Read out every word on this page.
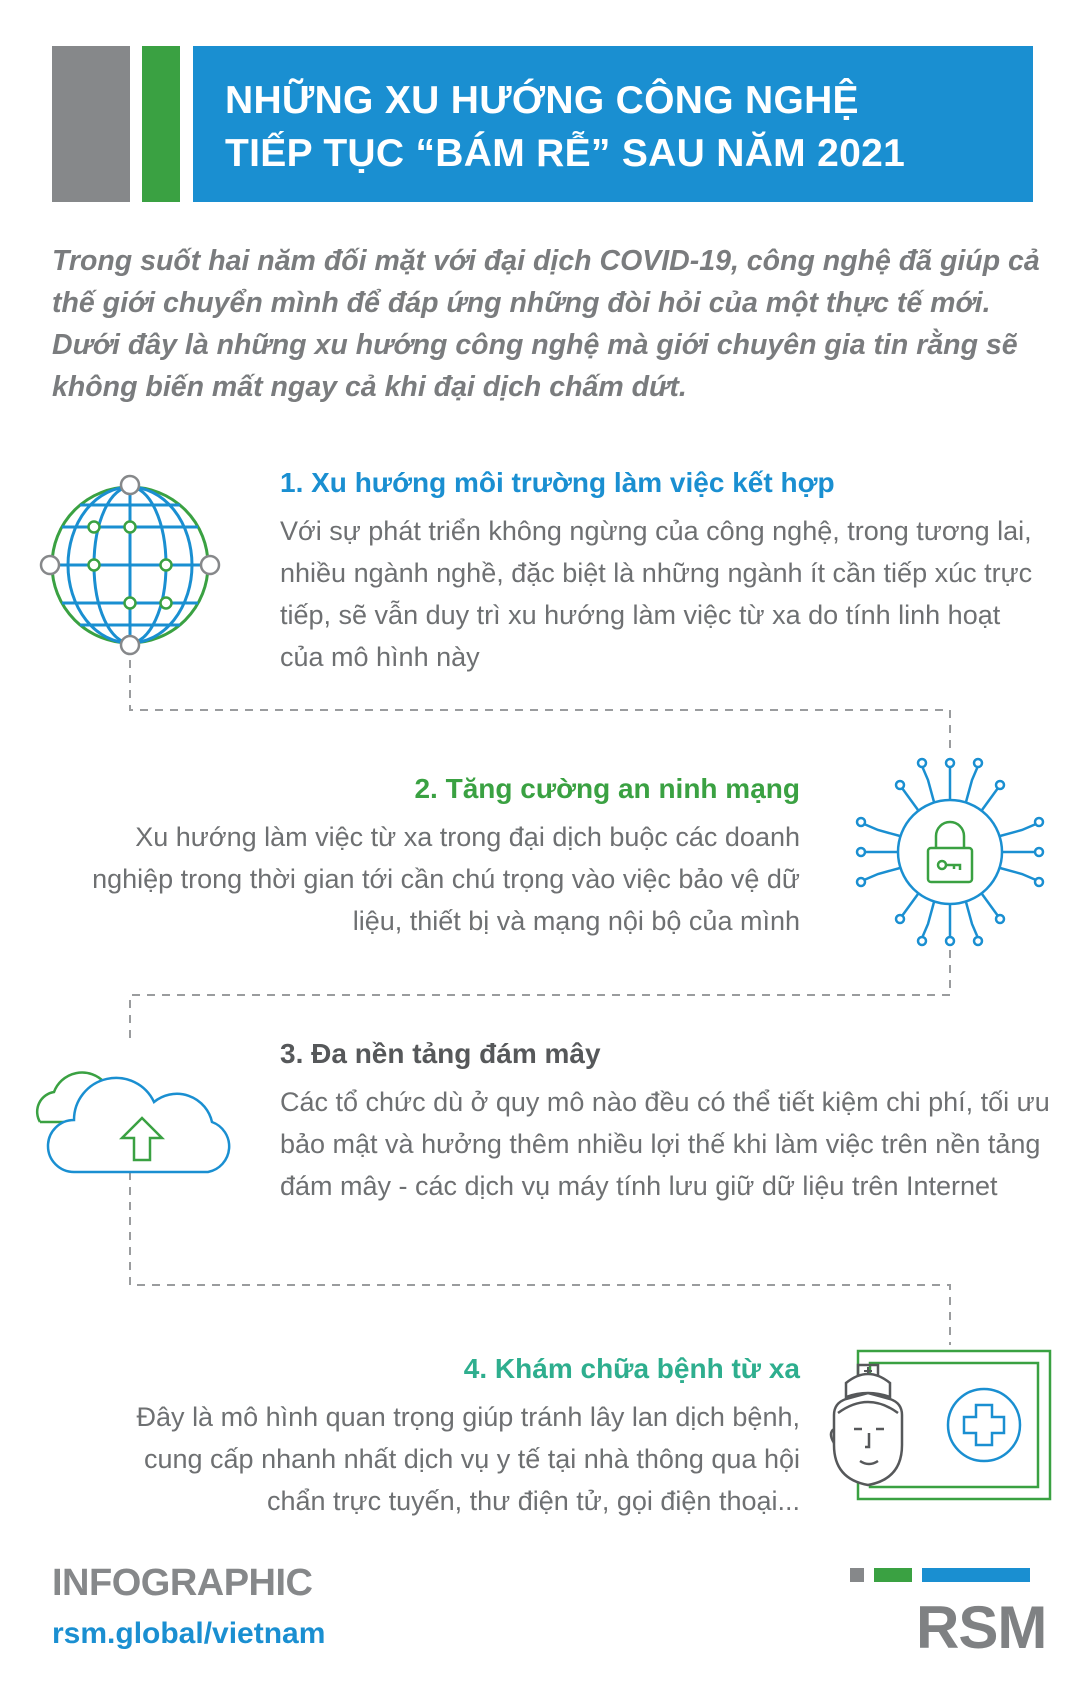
NHỮNG XU HƯỚNG CÔNG NGHỆ
TIẾP TỤC “BÁM RỄ” SAU NĂM 2021

Trong suốt hai năm đối mặt với đại dịch COVID-19, công nghệ đã giúp cả thế giới chuyển mình để đáp ứng những đòi hỏi của một thực tế mới. Dưới đây là những xu hướng công nghệ mà giới chuyên gia tin rằng sẽ không biến mất ngay cả khi đại dịch chấm dứt.

1. Xu hướng môi trường làm việc kết hợp

Với sự phát triển không ngừng của công nghệ, trong tương lai, nhiều ngành nghề, đặc biệt là những ngành ít cần tiếp xúc trực tiếp, sẽ vẫn duy trì xu hướng làm việc từ xa do tính linh hoạt của mô hình này

2. Tăng cường an ninh mạng

Xu hướng làm việc từ xa trong đại dịch buộc các doanh nghiệp trong thời gian tới cần chú trọng vào việc bảo vệ dữ liệu, thiết bị và mạng nội bộ của mình

3. Đa nền tảng đám mây

Các tổ chức dù ở quy mô nào đều có thể tiết kiệm chi phí, tối ưu bảo mật và hưởng thêm nhiều lợi thế khi làm việc trên nền tảng đám mây - các dịch vụ máy tính lưu giữ dữ liệu trên Internet

4. Khám chữa bệnh từ xa

Đây là mô hình quan trọng giúp tránh lây lan dịch bệnh, cung cấp nhanh nhất dịch vụ y tế tại nhà thông qua hội chẩn trực tuyến, thư điện tử, gọi điện thoại...

INFOGRAPHIC

rsm.global/vietnam	RSM
